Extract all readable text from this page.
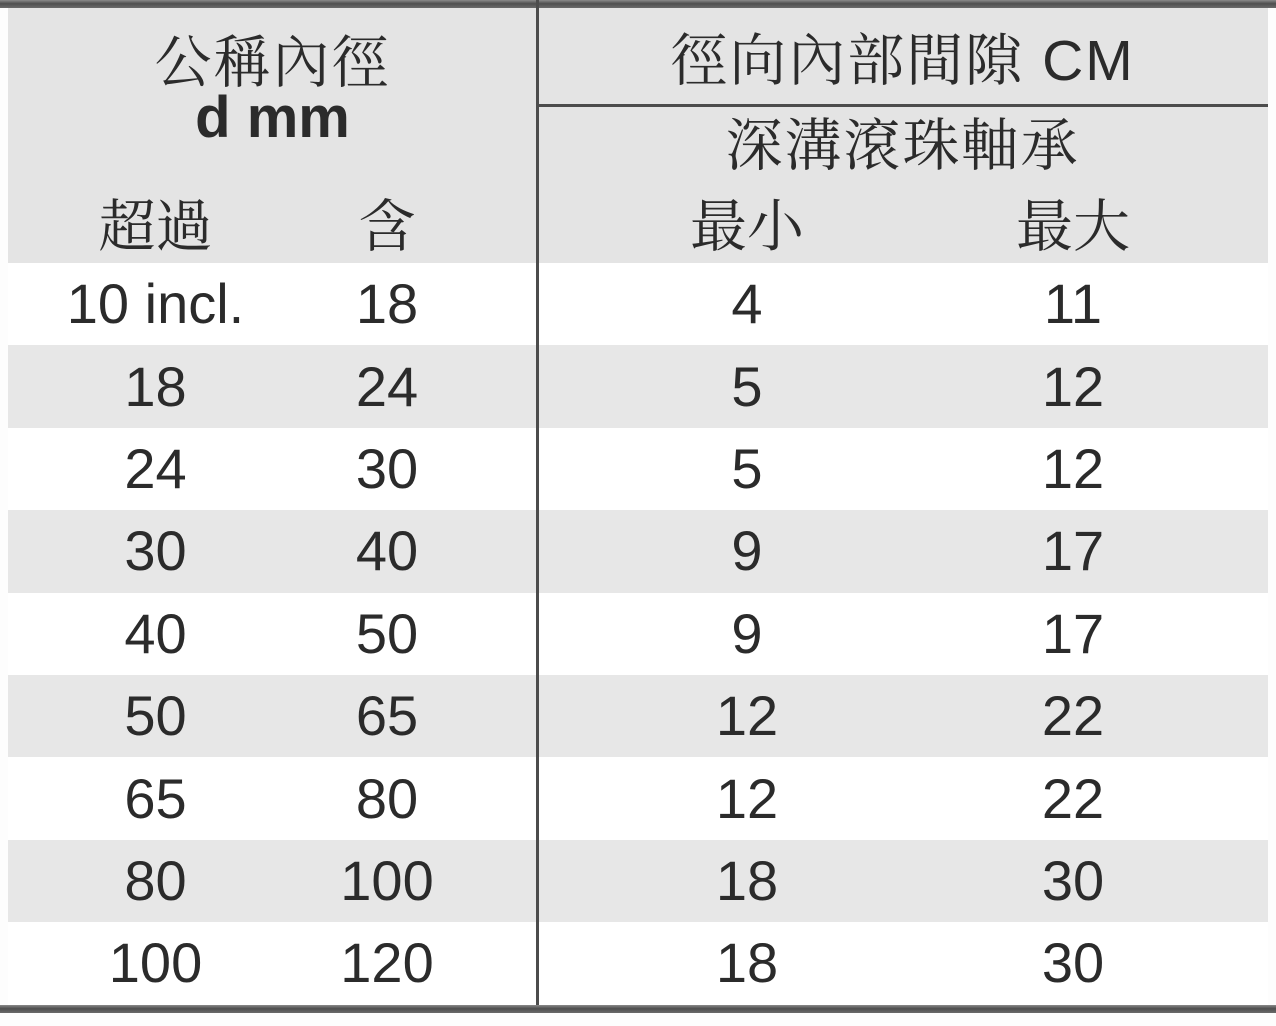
公稱內徑
d mm
超過	含
徑向內部間隙 CM
深溝滾珠軸承
最小	最大
10 incl.	18	4	11
18	24	5	12
24	30	5	12
30	40	9	17
40	50	9	17
50	65	12	22
65	80	12	22
80	100	18	30
100	120	18	30
